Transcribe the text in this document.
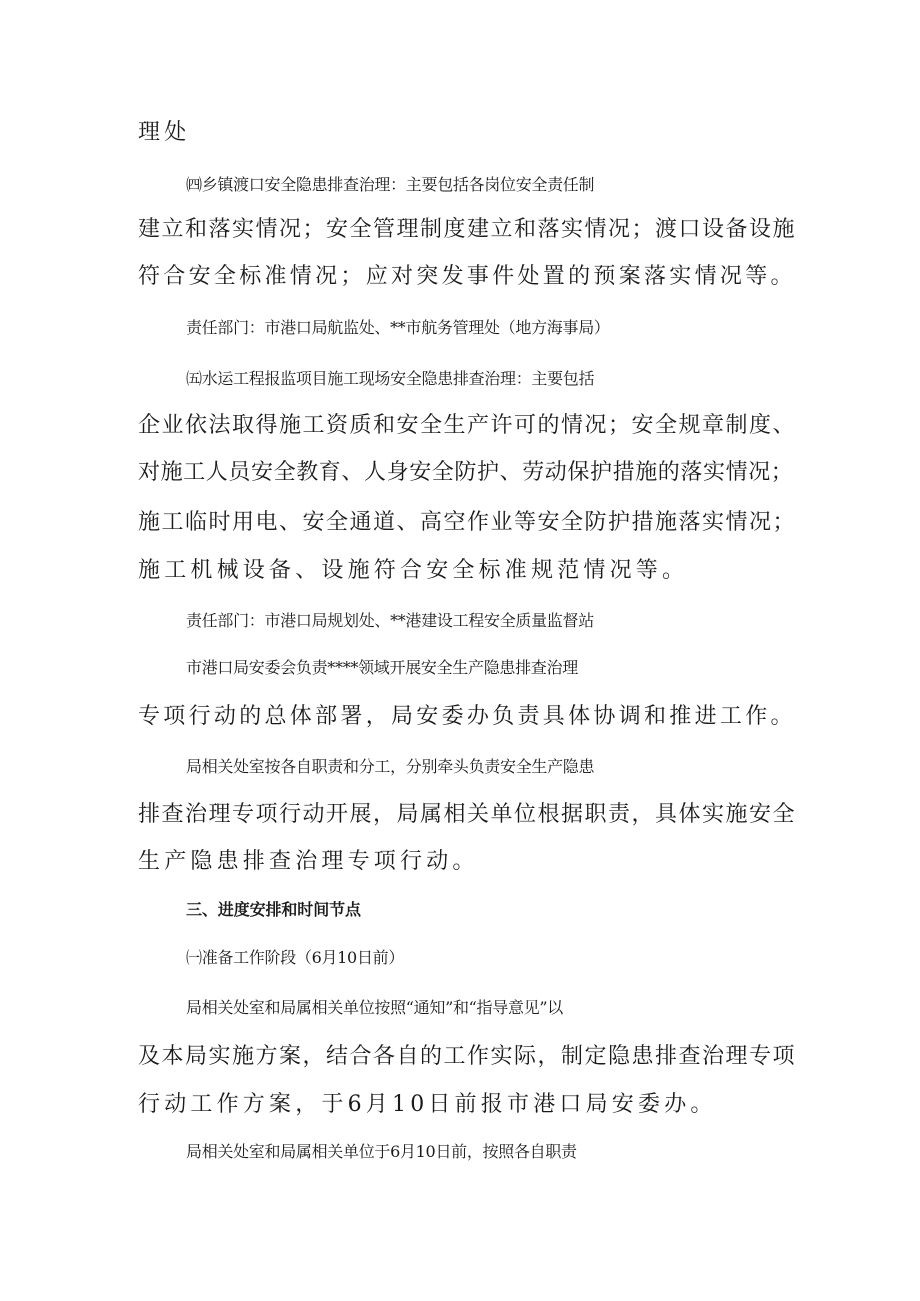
理处
㈣乡镇渡口安全隐患排查治理：主要包括各岗位安全责任制
建立和落实情况；安全管理制度建立和落实情况；渡口设备设施
符合安全标准情况；应对突发事件处置的预案落实情况等。
责任部门：市港口局航监处、**市航务管理处（地方海事局）
㈤水运工程报监项目施工现场安全隐患排查治理：主要包括
企业依法取得施工资质和安全生产许可的情况；安全规章制度、
对施工人员安全教育、人身安全防护、劳动保护措施的落实情况；
施工临时用电、安全通道、高空作业等安全防护措施落实情况；
施工机械设备、设施符合安全标准规范情况等。
责任部门：市港口局规划处、**港建设工程安全质量监督站
市港口局安委会负责****领域开展安全生产隐患排查治理
专项行动的总体部署，局安委办负责具体协调和推进工作。
局相关处室按各自职责和分工，分别牵头负责安全生产隐患
排查治理专项行动开展，局属相关单位根据职责，具体实施安全
生产隐患排查治理专项行动。
三、进度安排和时间节点
㈠准备工作阶段（6月10日前）
局相关处室和局属相关单位按照“通知”和“指导意见”以
及本局实施方案，结合各自的工作实际，制定隐患排查治理专项
行动工作方案，于6月10日前报市港口局安委办。
局相关处室和局属相关单位于6月10日前，按照各自职责
